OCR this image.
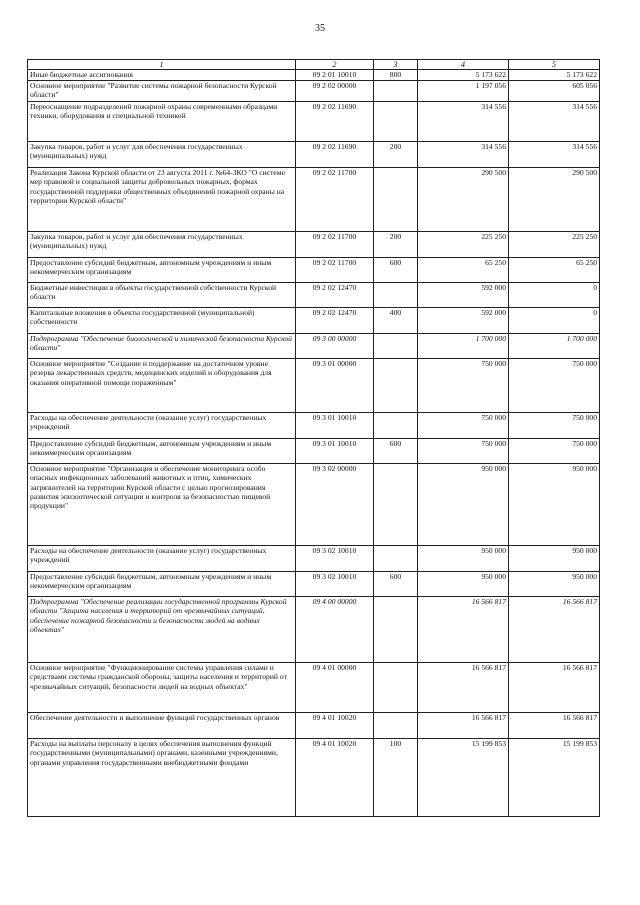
35
1	2	3	4	5
Иные бюджетные ассигнования	09 2 01 10010	800	5 173 622	5 173 622
Основное мероприятие "Развитие системы пожарной безопасности Курской области"	09 2 02 00000		1 197 056	605 056
Переоснащение подразделений пожарной охраны современными образцами техники, оборудования и специальной техникой	09 2 02 11690		314 556	314 556
Закупка товаров, работ и услуг для обеспечения государственных (муниципальных) нужд	09 2 02 11690	200	314 556	314 556
Реализация Закона Курской области от 23 августа 2011 г. №64-ЗКО "О системе мер правовой и социальной защиты добровольных пожарных, формах государственной поддержки общественных объединений пожарной охраны на территории Курской области"	09 2 02 11700		290 500	290 500
Закупка товаров, работ и услуг для обеспечения государственных (муниципальных) нужд	09 2 02 11700	200	225 250	225 250
Предоставление субсидий бюджетным, автономным учреждениям и иным некоммерческим организациям	09 2 02 11700	600	65 250	65 250
Бюджетные инвестиции в объекты государственной собственности Курской области	09 2 02 12470		592 000	0
Капитальные вложения в объекты государственной (муниципальной) собственности	09 2 02 12470	400	592 000	0
Подпрограмма "Обеспечение биологической и химической безопасности Курской области"	09 3 00 00000		1 700 000	1 700 000
Основное мероприятие "Создание и поддержание на достаточном уровне резерва лекарственных средств, медицинских изделий и оборудования для оказания оперативной помощи пораженным"	09 3 01 00000		750 000	750 000
Расходы на обеспечение деятельности (оказание услуг) государственных учреждений	09 3 01 10010		750 000	750 000
Предоставление субсидий бюджетным, автономным учреждениям и иным некоммерческим организациям	09 3 01 10010	600	750 000	750 000
Основное мероприятие "Организация и обеспечение мониторинга особо опасных инфекционных заболеваний животных и птиц, химических загрязнителей на территории Курской области с целью прогнозирования развития эпизоотической ситуации и контроля за безопасностью пищевой продукции"	09 3 02 00000		950 000	950 000
Расходы на обеспечение деятельности (оказание услуг) государственных учреждений	09 3 02 10010		950 000	950 000
Предоставление субсидий бюджетным, автономным учреждениям и иным некоммерческим организациям	09 3 02 10010	600	950 000	950 000
Подпрограмма "Обеспечение реализации государственной программы Курской области "Защита населения и территорий от чрезвычайных ситуаций, обеспечение пожарной безопасности и безопасности людей на водных объектах"	09 4 00 00000		16 566 817	16 566 817
Основное мероприятие "Функционирование системы управления силами и средствами системы гражданской обороны, защиты населения и территорий от чрезвычайных ситуаций, безопасности людей на водных объектах"	09 4 01 00000		16 566 817	16 566 817
Обеспечение деятельности и выполнение функций государственных органов	09 4 01 10020		16 566 817	16 566 817
Расходы на выплаты персоналу в целях обеспечения выполнения функций государственными (муниципальными) органами, казенными учреждениями, органами управления государственными внебюджетными фондами	09 4 01 10020	100	15 199 853	15 199 853
